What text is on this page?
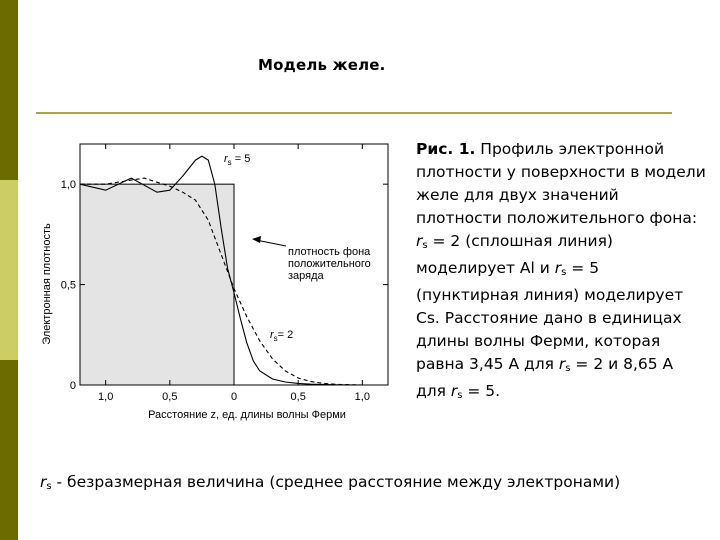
Модель желе.
1,0	0,5	0	0,5	1,0
0
0,5
1,0
Электронная плотность
Расстояние z, ед. длины волны Ферми
плотность фона положительного заряда
$r_s = 5$
$r_s= 2$
Рис. 1. Профиль электронной плотности у поверхности в модели желе для двух значений плотности положительного фона: $r_s = 2$ (сплошная линия) моделирует Al и $r_s = 5$ (пунктирная линия) моделирует Cs. Расстояние дано в единицах длины волны Ферми, которая равна 3,45 А для $r_s = 2$ и 8,65 А для $r_s = 5$.
$r_s$ - безразмерная величина (среднее расстояние между электронами)
